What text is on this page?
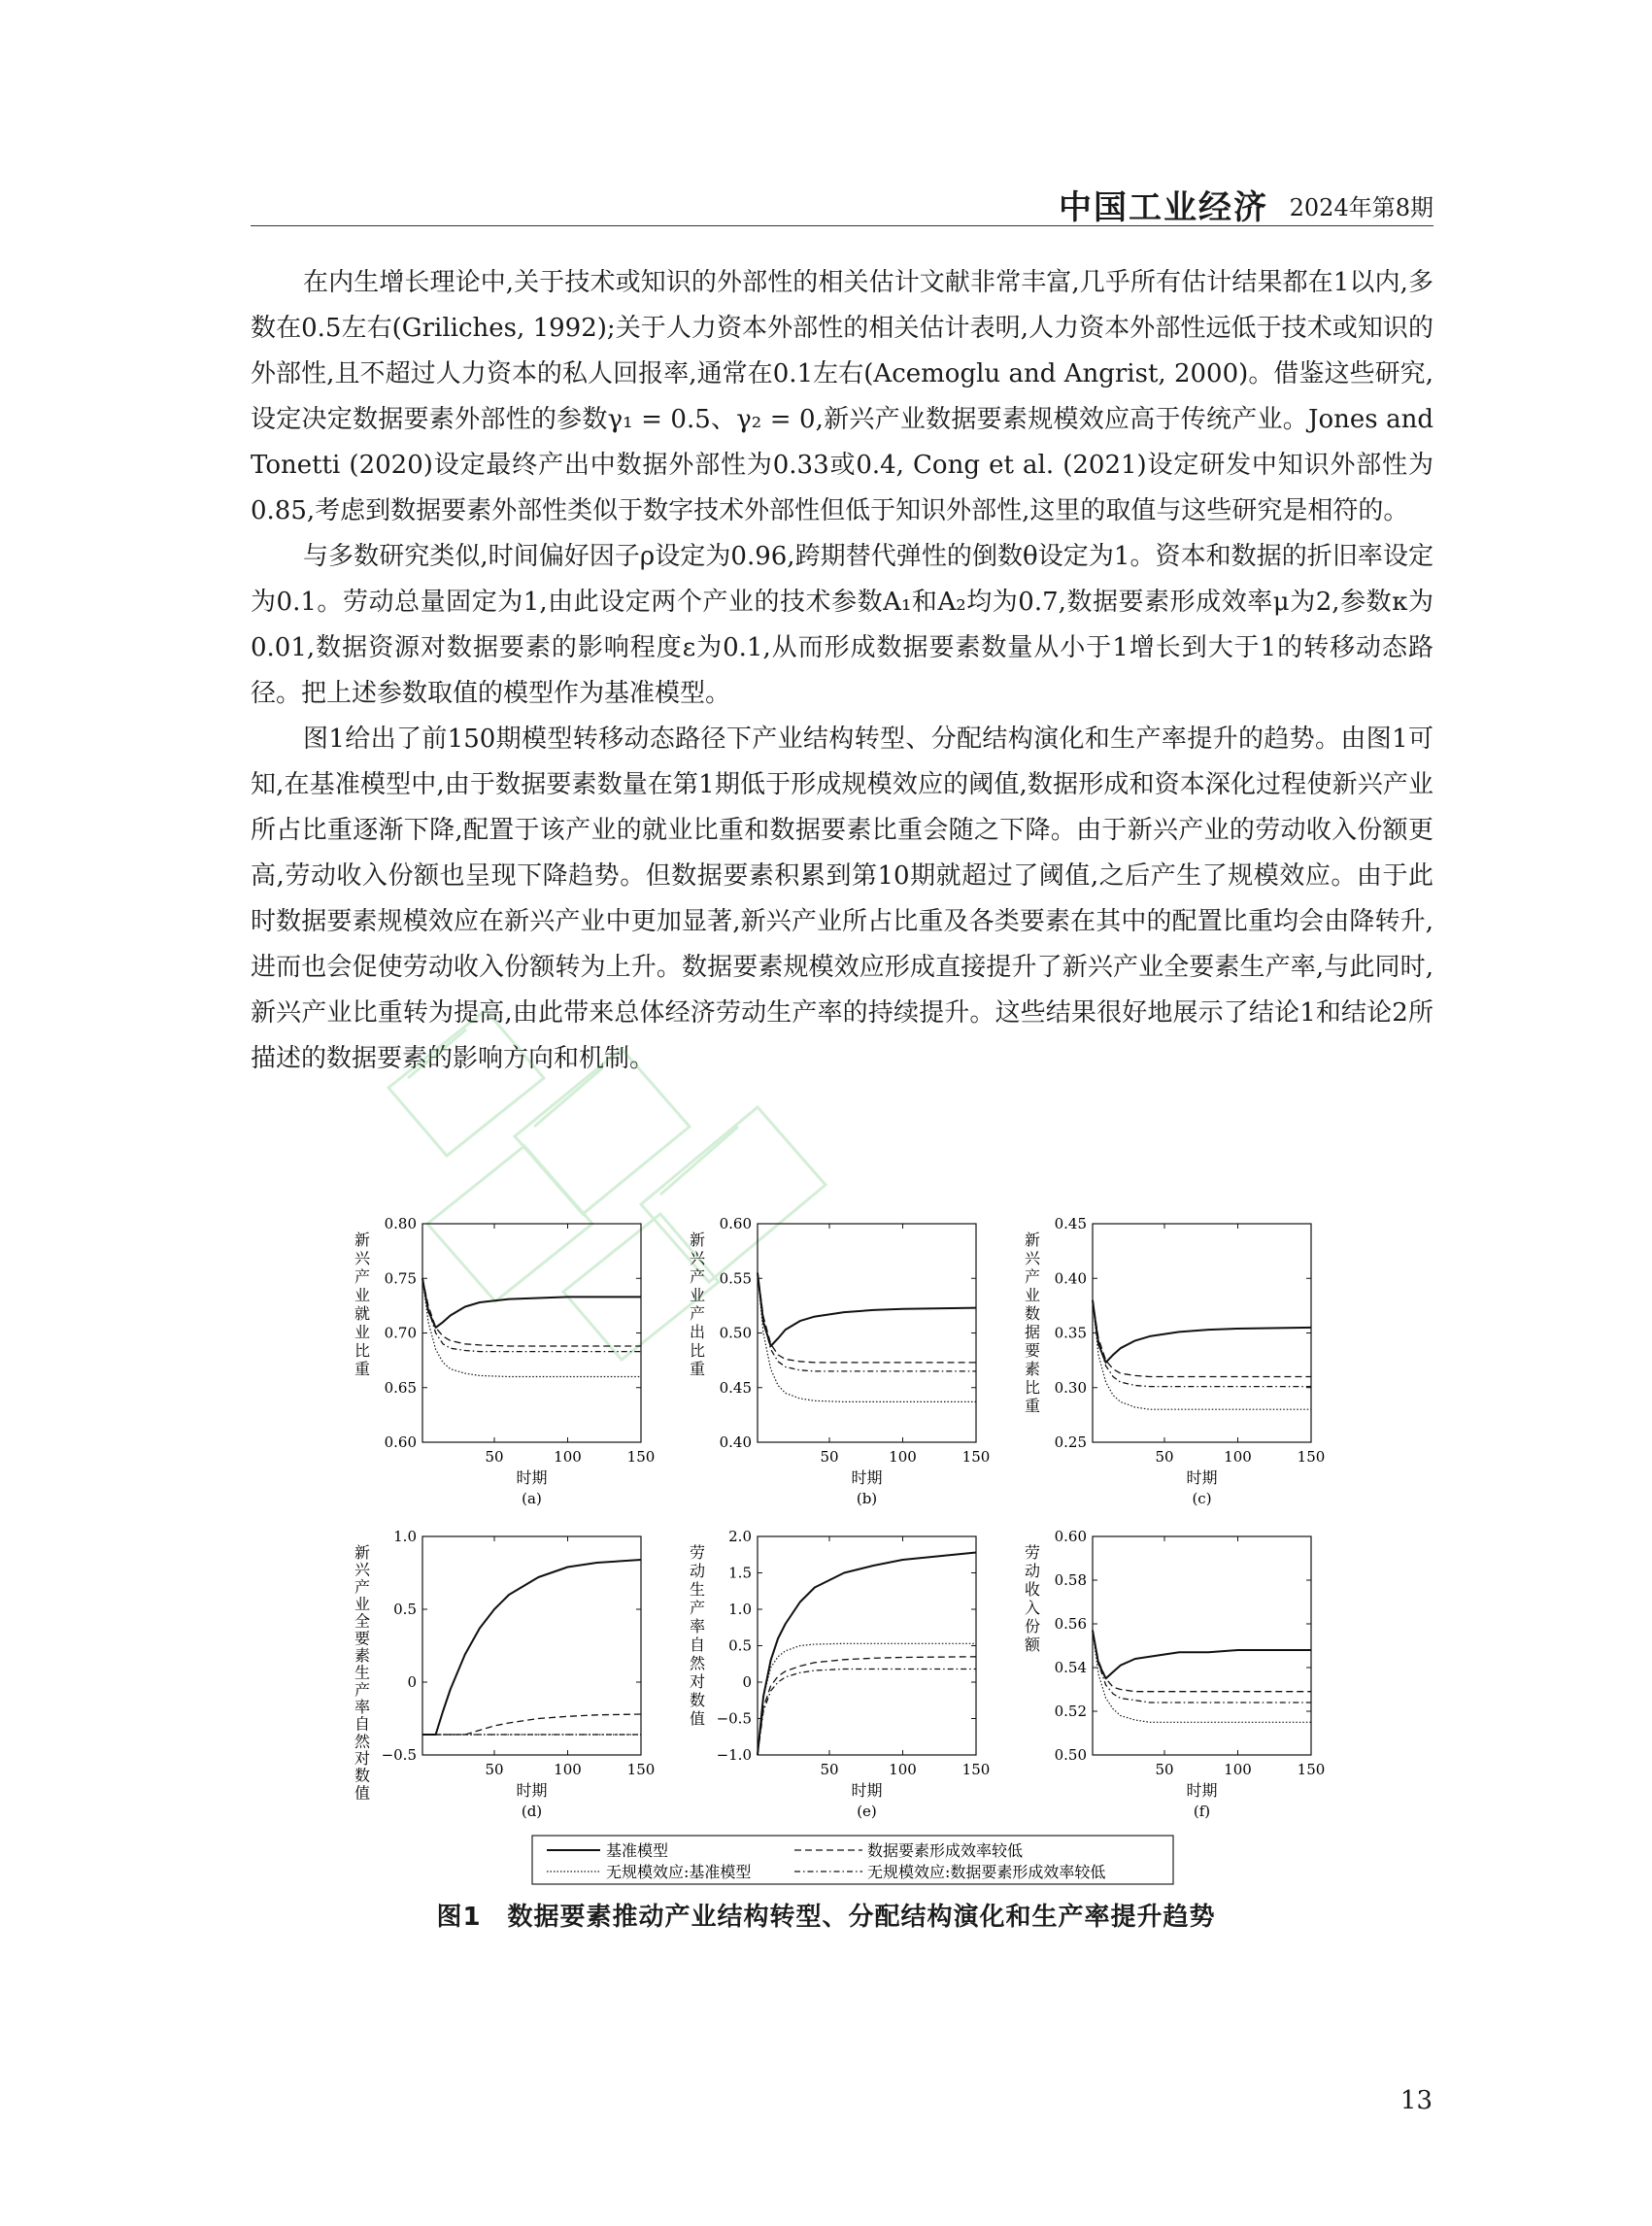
中国工业经济 2024年第8期

在内生增长理论中,关于技术或知识的外部性的相关估计文献非常丰富,几乎所有估计结果都在1以内,多数在0.5左右(Griliches, 1992);关于人力资本外部性的相关估计表明,人力资本外部性远低于技术或知识的外部性,且不超过人力资本的私人回报率,通常在0.1左右(Acemoglu and Angrist, 2000)。借鉴这些研究,设定决定数据要素外部性的参数γ₁ = 0.5、γ₂ = 0,新兴产业数据要素规模效应高于传统产业。Jones and Tonetti (2020)设定最终产出中数据外部性为0.33或0.4, Cong et al. (2021)设定研发中知识外部性为0.85,考虑到数据要素外部性类似于数字技术外部性但低于知识外部性,这里的取值与这些研究是相符的。

与多数研究类似,时间偏好因子ρ设定为0.96,跨期替代弹性的倒数θ设定为1。资本和数据的折旧率设定为0.1。劳动总量固定为1,由此设定两个产业的技术参数A₁和A₂均为0.7,数据要素形成效率μ为2,参数κ为0.01,数据资源对数据要素的影响程度ε为0.1,从而形成数据要素数量从小于1增长到大于1的转移动态路径。把上述参数取值的模型作为基准模型。

图1给出了前150期模型转移动态路径下产业结构转型、分配结构演化和生产率提升的趋势。由图1可知,在基准模型中,由于数据要素数量在第1期低于形成规模效应的阈值,数据形成和资本深化过程使新兴产业所占比重逐渐下降,配置于该产业的就业比重和数据要素比重会随之下降。由于新兴产业的劳动收入份额更高,劳动收入份额也呈现下降趋势。但数据要素积累到第10期就超过了阈值,之后产生了规模效应。由于此时数据要素规模效应在新兴产业中更加显著,新兴产业所占比重及各类要素在其中的配置比重均会由降转升,进而也会促使劳动收入份额转为上升。数据要素规模效应形成直接提升了新兴产业全要素生产率,与此同时,新兴产业比重转为提高,由此带来总体经济劳动生产率的持续提升。这些结果很好地展示了结论1和结论2所描述的数据要素的影响方向和机制。

基准模型	数据要素形成效率较低
无规模效应:基准模型	无规模效应:数据要素形成效率较低
0.60
0.65
0.70
0.75
0.80
50	100	150
时期
(a)
新兴产业就业比重
0.40
0.45
0.50
0.55
0.60
50	100	150
时期
(b)
新兴产业产出比重
0.25
0.30
0.35
0.40
0.45
50	100	150
时期
(c)
新兴产业数据要素比重
−0.5
0
0.5
1.0
50	100	150
时期
(d)
新兴产业全要素生产率自然对数值
−1.0
−0.5
0
0.5
1.0
1.5
2.0
50	100	150
时期
(e)
劳动生产率自然对数值
0.50
0.52
0.54
0.56
0.58
0.60
50	100	150
时期
(f)
劳动收入份额
图1　数据要素推动产业结构转型、分配结构演化和生产率提升趋势
13
